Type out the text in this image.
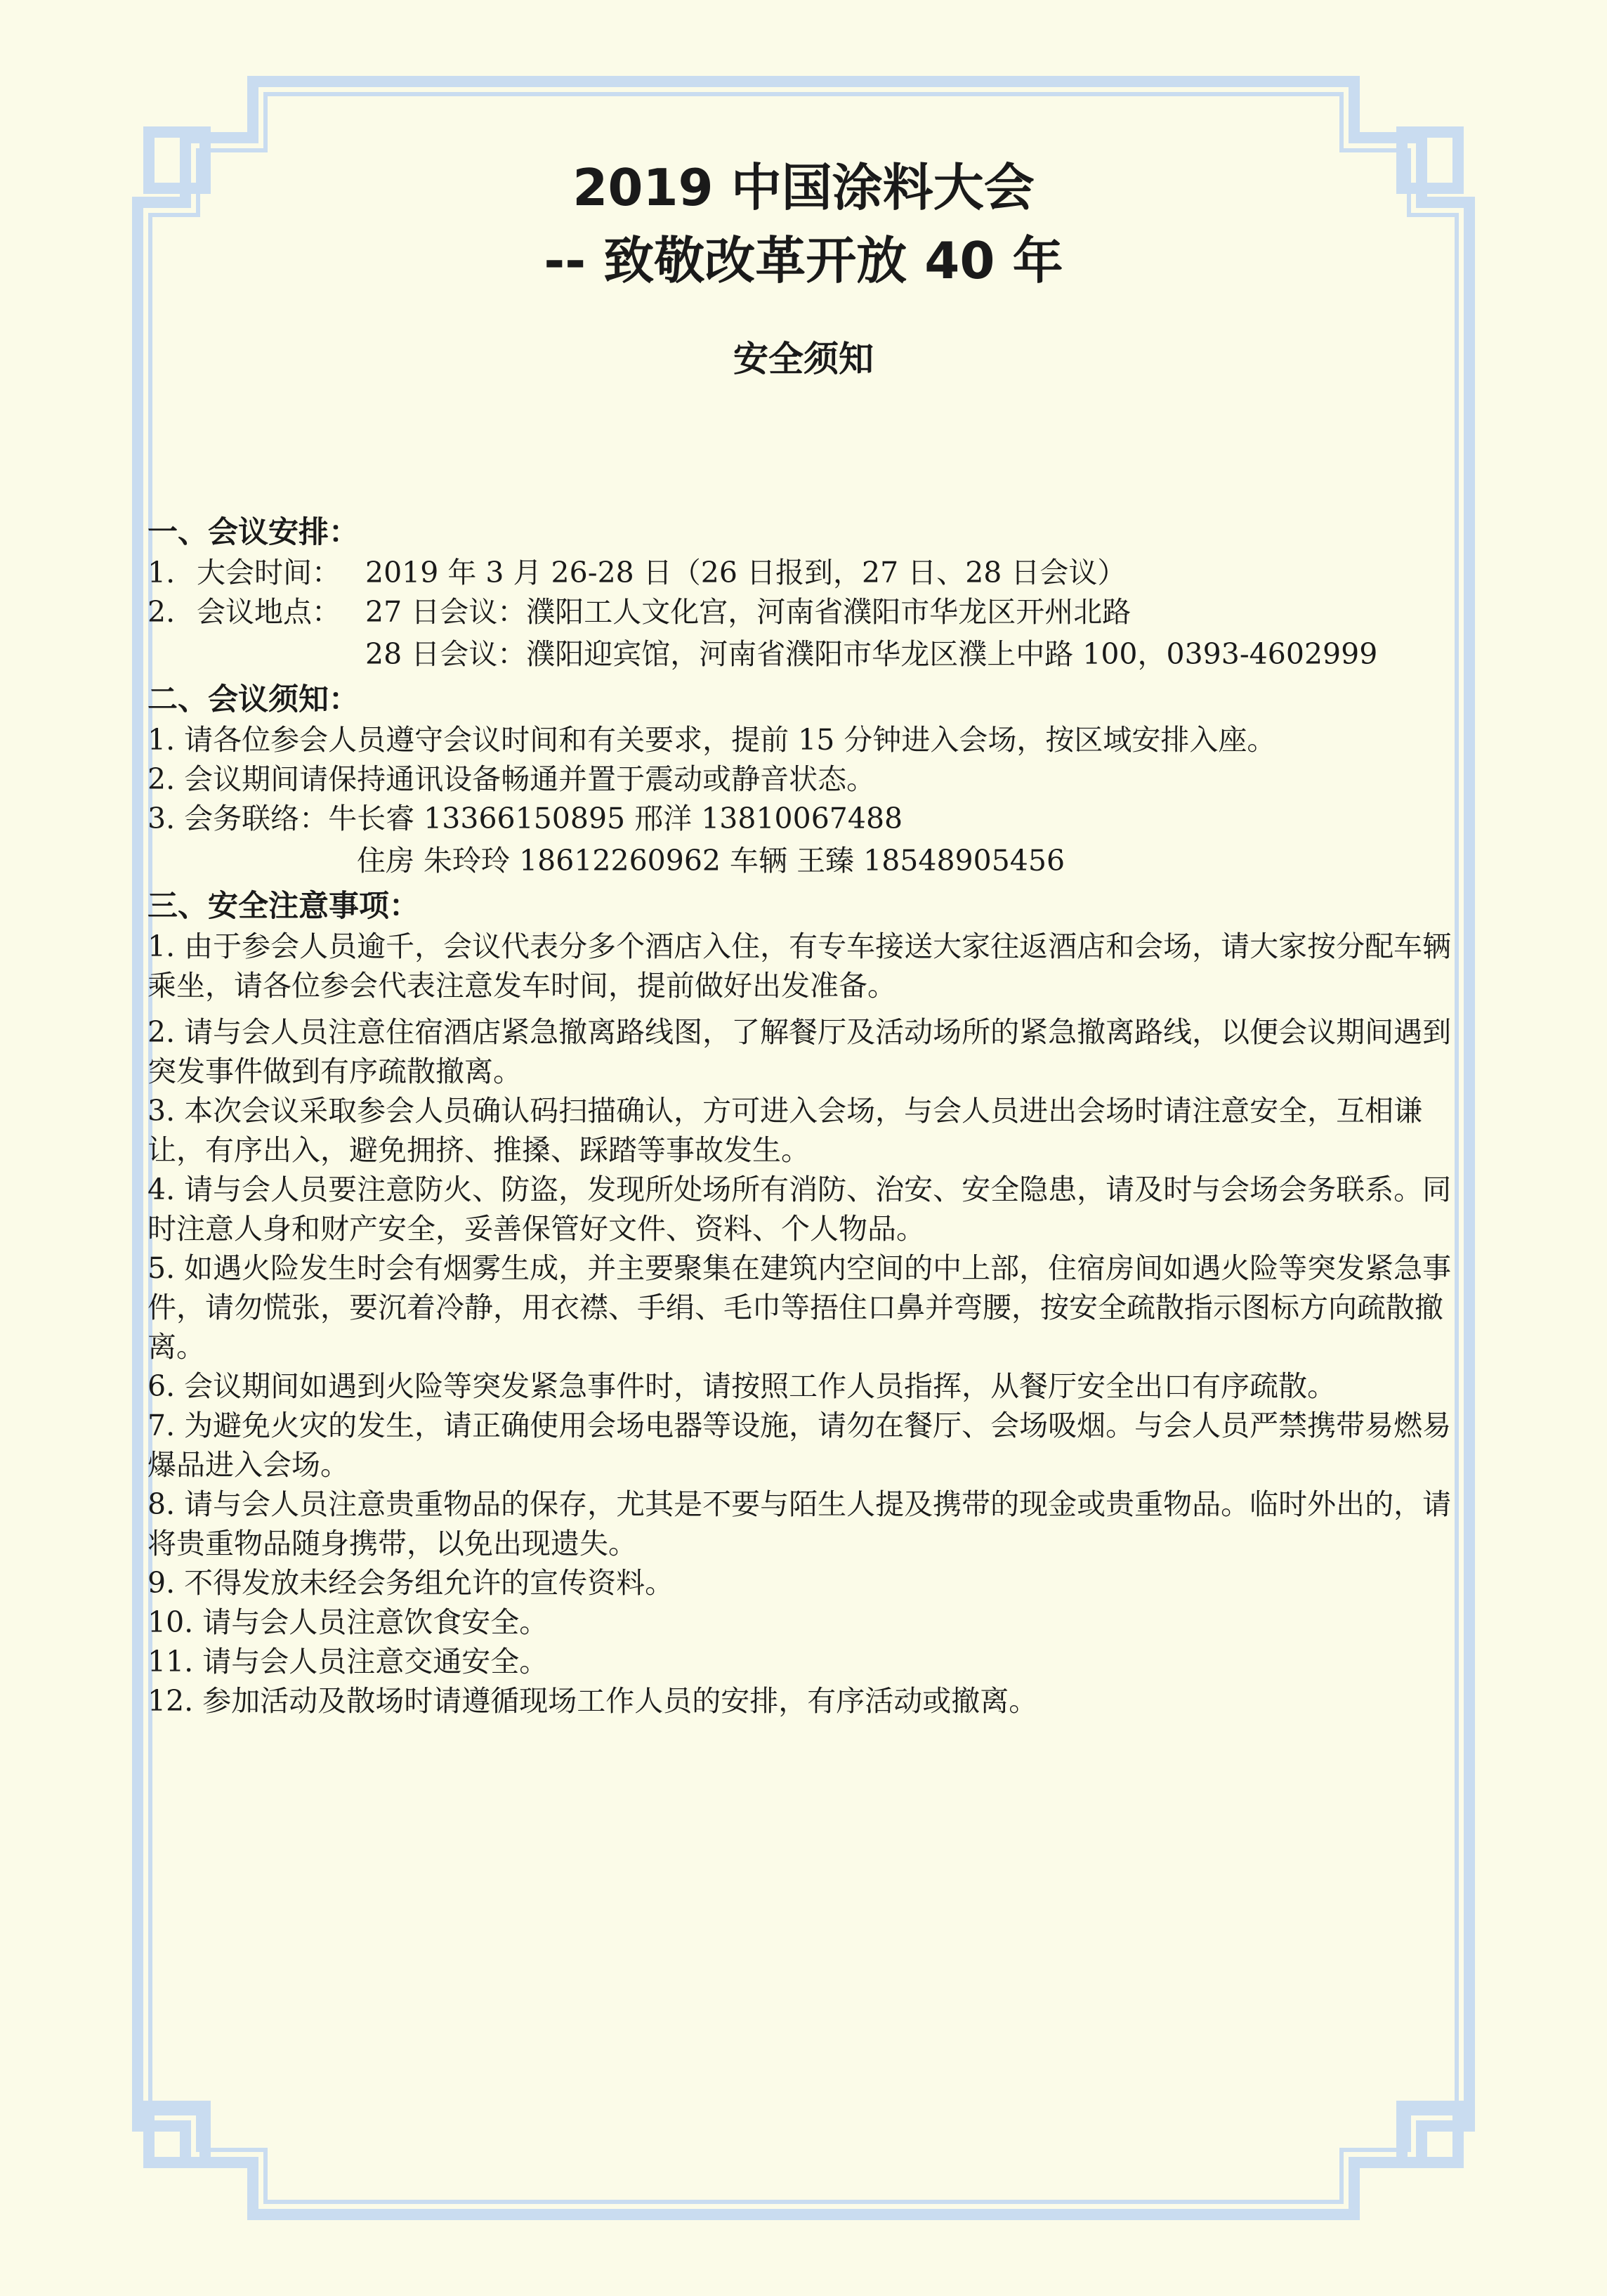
2019 中国涂料大会
-- 致敬改革开放 40 年
安全须知
一、会议安排：
1. 大会时间： 2019 年 3 月 26-28 日（26 日报到，27 日、28 日会议）
2. 会议地点： 27 日会议：濮阳工人文化宫，河南省濮阳市华龙区开州北路
28 日会议：濮阳迎宾馆，河南省濮阳市华龙区濮上中路 100，0393-4602999
二、会议须知：
1. 请各位参会人员遵守会议时间和有关要求，提前 15 分钟进入会场，按区域安排入座。
2. 会议期间请保持通讯设备畅通并置于震动或静音状态。
3. 会务联络：牛长睿 13366150895 邢洋 13810067488
住房 朱玲玲 18612260962 车辆 王臻 18548905456
三、安全注意事项：
1. 由于参会人员逾千，会议代表分多个酒店入住，有专车接送大家往返酒店和会场，请大家按分配车辆乘坐，请各位参会代表注意发车时间，提前做好出发准备。
2. 请与会人员注意住宿酒店紧急撤离路线图，了解餐厅及活动场所的紧急撤离路线，以便会议期间遇到突发事件做到有序疏散撤离。
3. 本次会议采取参会人员确认码扫描确认，方可进入会场，与会人员进出会场时请注意安全，互相谦让，有序出入，避免拥挤、推搡、踩踏等事故发生。
4. 请与会人员要注意防火、防盗，发现所处场所有消防、治安、安全隐患，请及时与会场会务联系。同时注意人身和财产安全，妥善保管好文件、资料、个人物品。
5. 如遇火险发生时会有烟雾生成，并主要聚集在建筑内空间的中上部，住宿房间如遇火险等突发紧急事件，请勿慌张，要沉着冷静，用衣襟、手绢、毛巾等捂住口鼻并弯腰，按安全疏散指示图标方向疏散撤离。
6. 会议期间如遇到火险等突发紧急事件时，请按照工作人员指挥，从餐厅安全出口有序疏散。
7. 为避免火灾的发生，请正确使用会场电器等设施，请勿在餐厅、会场吸烟。与会人员严禁携带易燃易爆品进入会场。
8. 请与会人员注意贵重物品的保存，尤其是不要与陌生人提及携带的现金或贵重物品。临时外出的，请将贵重物品随身携带，以免出现遗失。
9. 不得发放未经会务组允许的宣传资料。
10. 请与会人员注意饮食安全。
11. 请与会人员注意交通安全。
12. 参加活动及散场时请遵循现场工作人员的安排，有序活动或撤离。
